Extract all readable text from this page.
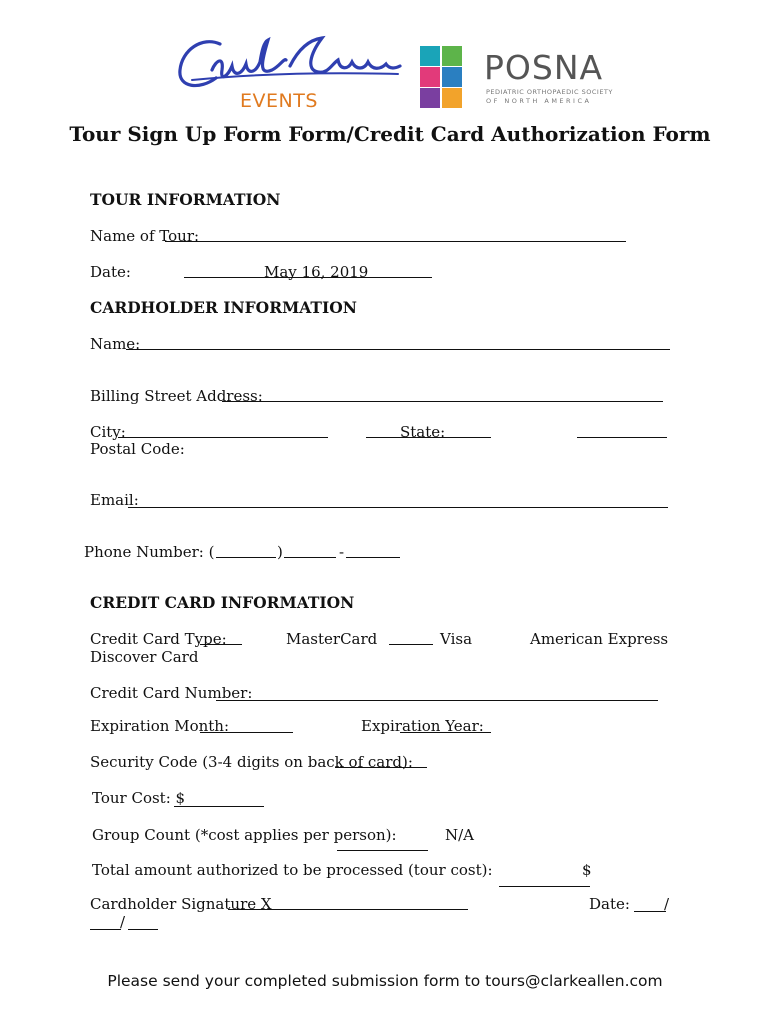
EVENTS
POSNA
PEDIATRIC ORTHOPAEDIC SOCIETY
OF NORTH AMERICA
Tour Sign Up Form Form/Credit Card Authorization Form
TOUR INFORMATION
Name of Tour:
Date:	May 16, 2019
CARDHOLDER INFORMATION
Name:
Billing Street Address:
City:	State:
Postal Code:
Email:
Phone Number: (	)	-
CREDIT CARD INFORMATION
Credit Card Type:	MasterCard	Visa	American Express
Discover Card
Credit Card Number:
Expiration Month:	Expiration Year:
Security Code (3-4 digits on back of card):
Tour Cost: $
Group Count (*cost applies per person):	N/A
Total amount authorized to be processed (tour cost):	$
Cardholder Signature X	Date: /
/
Please send your completed submission form to tours@clarkeallen.com
